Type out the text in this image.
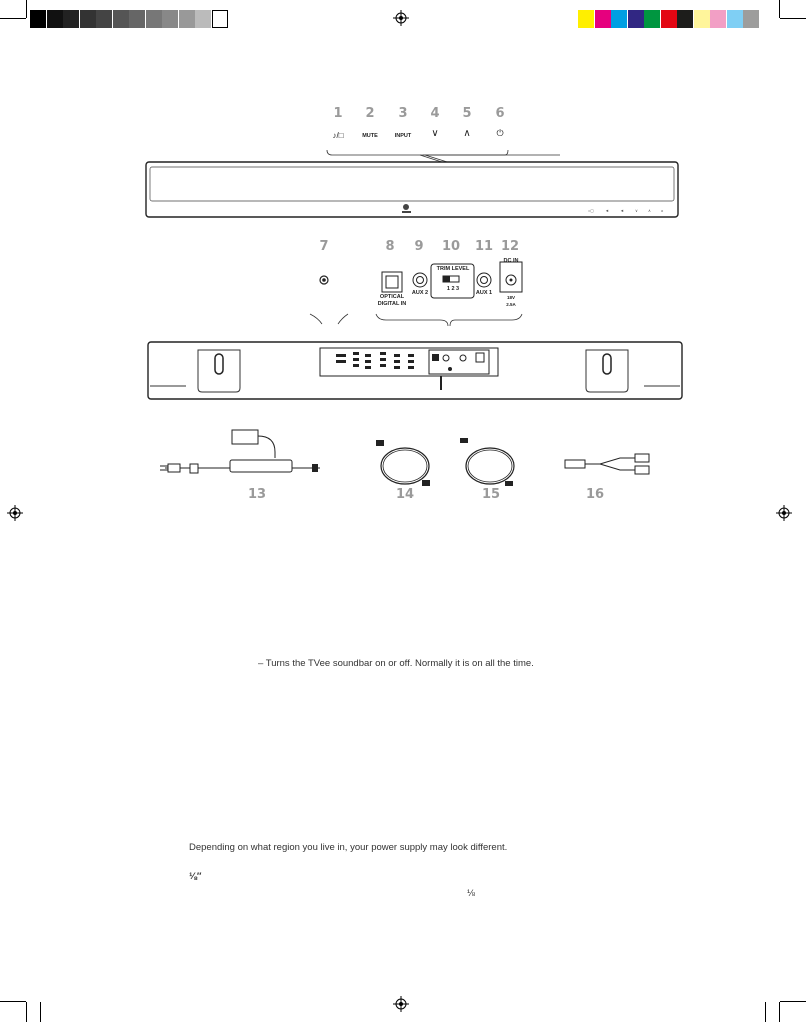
1	2	3	4	5	6
♪/□	MUTE	INPUT	∨	∧	⏻
=◻	◄	◄	∨	∧	o
7	8	9	10 11 12
OPTICAL DIGITAL IN
AUX 2
TRIM LEVEL
1 2 3
AUX 1
DC IN
18V
2.5A
13	14	15	16
– Turns the TVee soundbar on or off. Normally it is on all the time.
Depending on what region you live in, your power supply may look different.
⅛″
⅛
